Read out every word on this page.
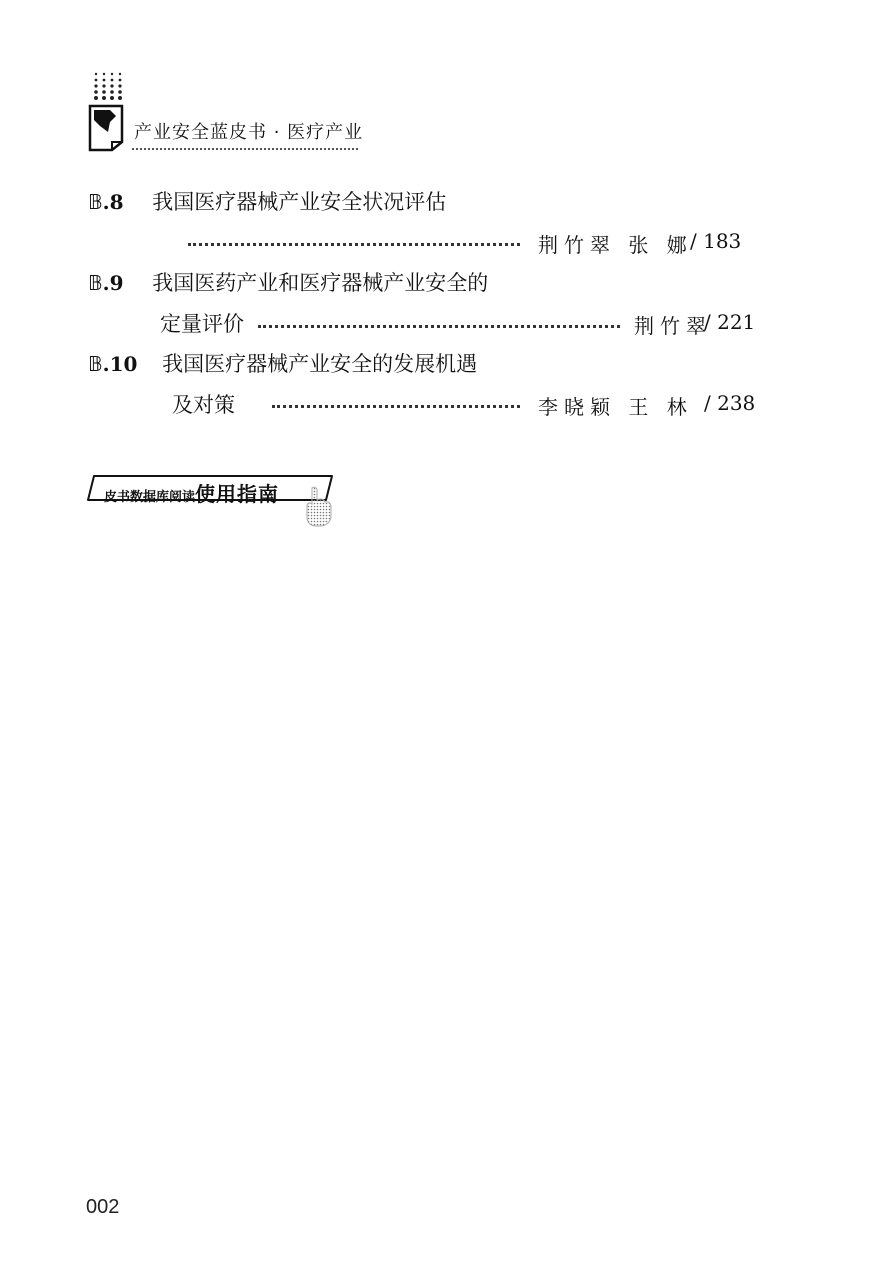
产业安全蓝皮书 · 医疗产业
𝔹.8 我国医疗器械产业安全状况评估
荆竹翠 张 娜
/ 183
𝔹.9 我国医药产业和医疗器械产业安全的
定量评价	荆竹翠
/ 221
𝔹.10 我国医疗器械产业安全的发展机遇
及对策	李晓颖 王 林 / 238
皮书数据库阅读使用指南
002
